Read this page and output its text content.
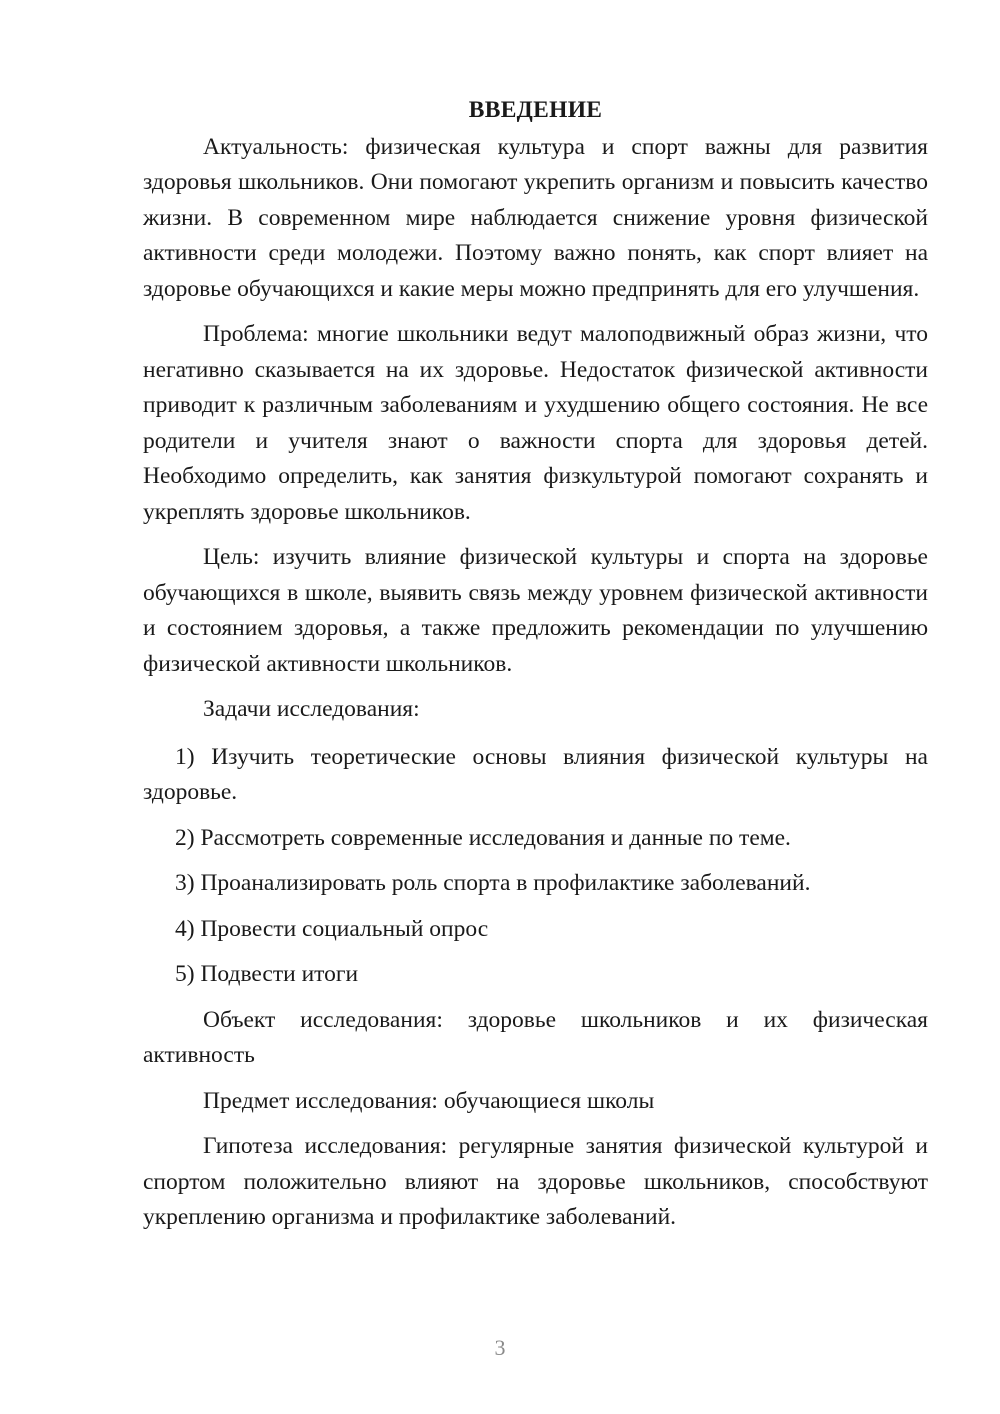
ВВЕДЕНИЕ

Актуальность: физическая культура и спорт важны для развития здоровья школьников. Они помогают укрепить организм и повысить качество жизни. В современном мире наблюдается снижение уровня физической активности среди молодежи. Поэтому важно понять, как спорт влияет на здоровье обучающихся и какие меры можно предпринять для его улучшения.

Проблема: многие школьники ведут малоподвижный образ жизни, что негативно сказывается на их здоровье. Недостаток физической активности приводит к различным заболеваниям и ухудшению общего состояния. Не все родители и учителя знают о важности спорта для здоровья детей. Необходимо определить, как занятия физкультурой помогают сохранять и укреплять здоровье школьников.

Цель: изучить влияние физической культуры и спорта на здоровье обучающихся в школе, выявить связь между уровнем физической активности и состоянием здоровья, а также предложить рекомендации по улучшению физической активности школьников.

Задачи исследования:

1) Изучить теоретические основы влияния физической культуры на здоровье.

2) Рассмотреть современные исследования и данные по теме.

3) Проанализировать роль спорта в профилактике заболеваний.

4) Провести социальный опрос

5) Подвести итоги

Объект исследования: здоровье школьников и их физическая активность

Предмет исследования: обучающиеся школы

Гипотеза исследования: регулярные занятия физической культурой и спортом положительно влияют на здоровье школьников, способствуют укреплению организма и профилактике заболеваний.

3
